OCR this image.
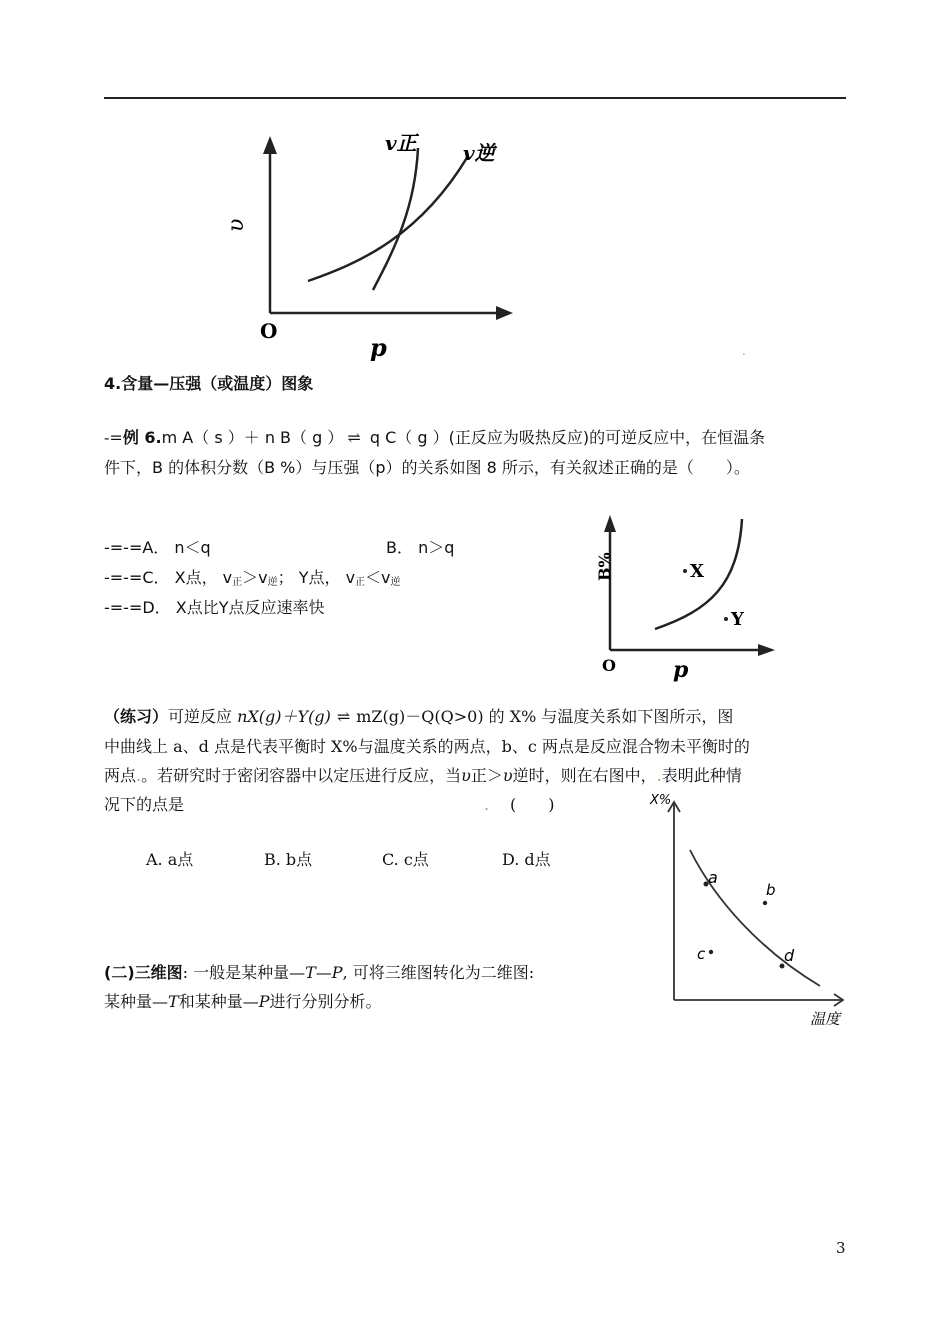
v正 v逆
υ
p
O
.
4.含量—压强（或温度）图象
-=例 6.m A（ s ）＋ n B（ g ） ⇌ q C（ g ）(正反应为吸热反应)的可逆反应中，在恒温条
件下，B 的体积分数（B %）与压强（p）的关系如图 8 所示，有关叙述正确的是（　　）。
-=-=A． n＜q	B． n＞q
-=-=C． X点， $v_正>v_逆$； Y点， $v_正<v_逆$
-=-=D． X点比Y点反应速率快
X
Y
B%
p
O
（练习）可逆反应 nX(g)＋Y(g) ⇌ mZ(g)－Q(Q>0) 的 X% 与温度关系如下图所示，图
中曲线上 a、d 点是代表平衡时 X%与温度关系的两点，b、c 两点是反应混合物未平衡时的
两点.。若研究时于密闭容器中以定压进行反应，当υ正＞υ逆时，则在右图中，.表明此种情
况下的点是	. (　　)
A. a点	B. b点	C. c点	D. d点
a
b
c	d
X%
温度
(二)三维图: 一般是某种量—T—P, 可将三维图转化为二维图:
某种量—T和某种量—P进行分别分析。
3
